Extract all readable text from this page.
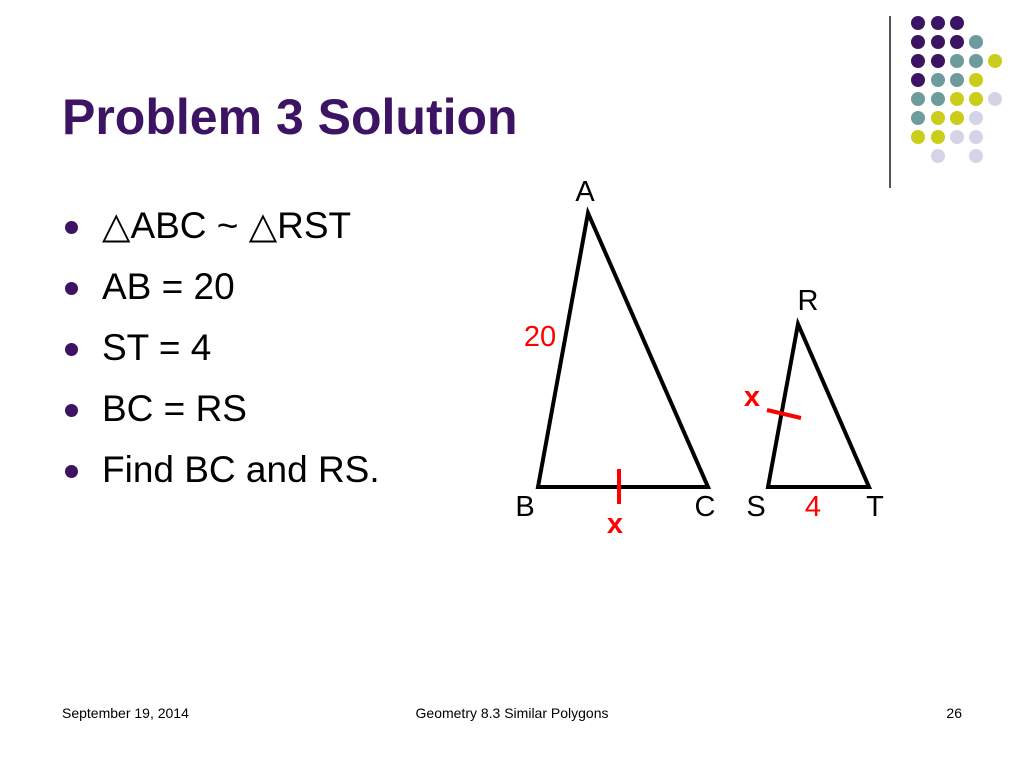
Problem 3 Solution
△ABC ~ △RST
AB = 20
ST = 4
BC = RS
Find BC and RS.
A
B	C
20
x
R
S	T
x
4
September 19, 2014	Geometry 8.3 Similar Polygons	26
